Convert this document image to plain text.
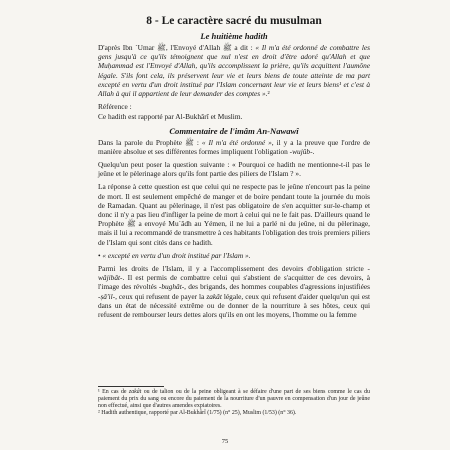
8 - Le caractère sacré du musulman
Le huitième hadith

D'après Ibn `Umar ﷺ, l'Envoyé d'Allah ﷺ a dit : « Il m'a été ordonné de combattre les gens jusqu'à ce qu'ils témoignent que nul n'est en droit d'être adoré qu'Allah et que Muḥammad est l'Envoyé d'Allah, qu'ils accomplissent la prière, qu'ils acquittent l'aumône légale. S'ils font cela, ils préservent leur vie et leurs biens de toute atteinte de ma part excepté en vertu d'un droit institué par l'Islam concernant leur vie et leurs biens¹ et c'est à Allah à qui il appartient de leur demander des comptes ».²

Référence :

Ce hadith est rapporté par Al-Bukhârî et Muslim.

Commentaire de l'imâm An-Nawawî

Dans la parole du Prophète ﷺ : « Il m'a été ordonné », il y a la preuve que l'ordre de manière absolue et ses différentes formes impliquent l'obligation -wujûb-.

Quelqu'un peut poser la question suivante : « Pourquoi ce hadith ne mentionne-t-il pas le jeûne et le pèlerinage alors qu'ils font partie des piliers de l'Islam ? ».

La réponse à cette question est que celui qui ne respecte pas le jeûne n'encourt pas la peine de mort. Il est seulement empêché de manger et de boire pendant toute la journée du mois de Ramadan. Quant au pèlerinage, il n'est pas obligatoire de s'en acquitter sur-le-champ et donc il n'y a pas lieu d'infliger la peine de mort à celui qui ne le fait pas. D'ailleurs quand le Prophète ﷺ a envoyé Mu`âdh au Yémen, il ne lui a parlé ni du jeûne, ni du pèlerinage, mais il lui a recommandé de transmettre à ces habitants l'obligation des trois premiers piliers de l'Islam qui sont cités dans ce hadith.

• « excepté en vertu d'un droit institué par l'Islam ».

Parmi les droits de l'Islam, il y a l'accomplissement des devoirs d'obligation stricte -wâjibât-. Il est permis de combattre celui qui s'abstient de s'acquitter de ces devoirs, à l'image des révoltés -bughât-, des brigands, des hommes coupables d'agressions injustifiées -ṣâ'il-, ceux qui refusent de payer la zakât légale, ceux qui refusent d'aider quelqu'un qui est dans un état de nécessité extrême ou de donner de la nourriture à ses hôtes, ceux qui refusent de rembourser leurs dettes alors qu'ils en ont les moyens, l'homme ou la femme

¹ En cas de zakât ou de talion ou de la peine obligeant à se défaire d'une part de ses biens comme le cas du paiement du prix du sang ou encore du paiement de la nourriture d'un pauvre en compensation d'un jour de jeûne non effectué, ainsi que d'autres amendes expiatoires.

² Hadith authentique, rapporté par Al-Bukhârî (1/75) (n° 25), Muslim (1/53) (n° 36).

75
